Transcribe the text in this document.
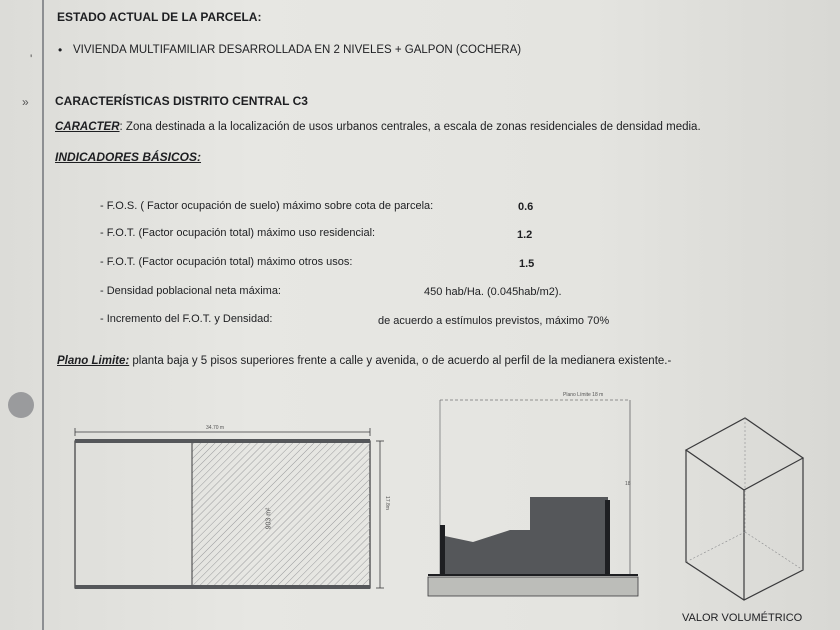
'
»
ESTADO ACTUAL DE LA PARCELA:
• VIVIENDA MULTIFAMILIAR DESARROLLADA EN 2 NIVELES + GALPON (COCHERA)
CARACTERÍSTICAS DISTRITO CENTRAL C3
CARACTER: Zona destinada a la localización de usos urbanos centrales, a escala de zonas residenciales de densidad media.
INDICADORES BÁSICOS:
- F.O.S. ( Factor ocupación de suelo) máximo sobre cota de parcela:	0.6
- F.O.T. (Factor ocupación total) máximo uso residencial:	1.2
- F.O.T. (Factor ocupación total) máximo otros usos:	1.5
- Densidad poblacional neta máxima:	450 hab/Ha. (0.045hab/m2).
- Incremento del F.O.T. y Densidad:	de acuerdo a estímulos previstos, máximo 70%
Plano Limite: planta baja y 5 pisos superiores frente a calle y avenida, o de acuerdo al perfil de la medianera existente.-
34.70 m
17.8m
903 m²
Plano Límite 18 m
18
VALOR VOLUMÉTRICO
